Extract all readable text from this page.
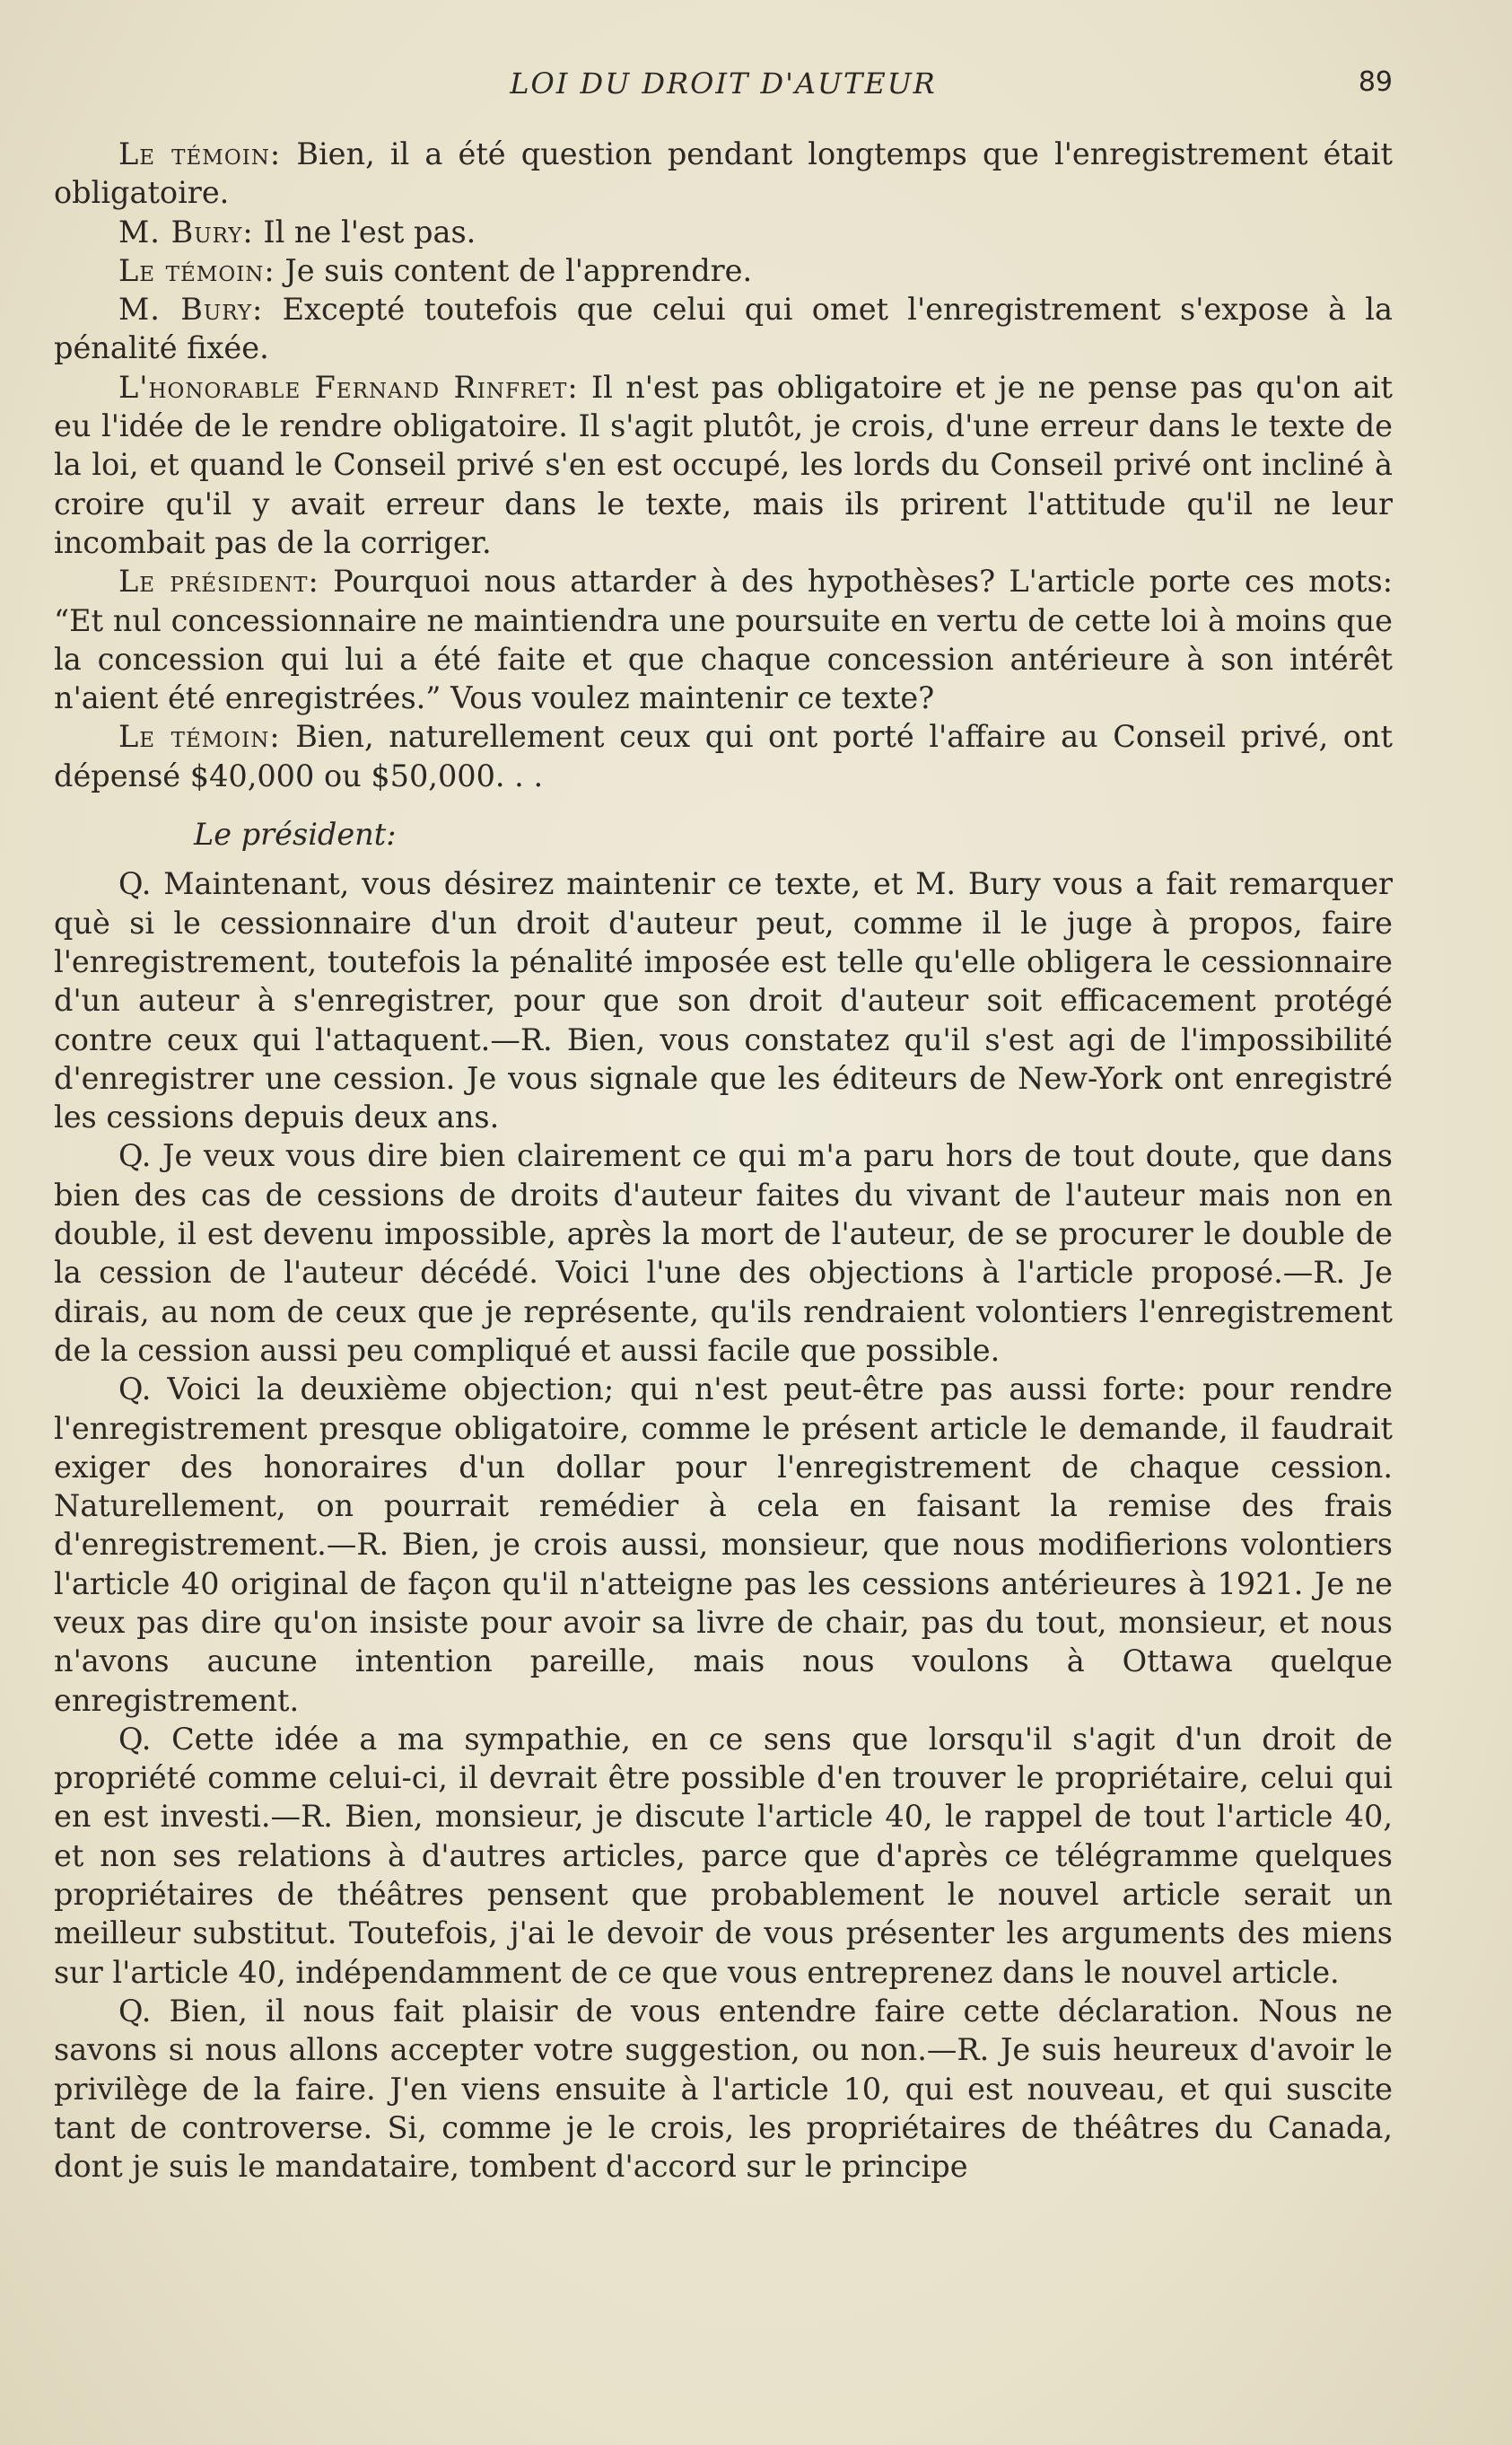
LOI DU DROIT D'AUTEUR	89

Le témoin: Bien, il a été question pendant longtemps que l'enregistrement était obligatoire.

M. Bury: Il ne l'est pas.

Le témoin: Je suis content de l'apprendre.

M. Bury: Excepté toutefois que celui qui omet l'enregistrement s'expose à la pénalité fixée.

L'honorable Fernand Rinfret: Il n'est pas obligatoire et je ne pense pas qu'on ait eu l'idée de le rendre obligatoire. Il s'agit plutôt, je crois, d'une erreur dans le texte de la loi, et quand le Conseil privé s'en est occupé, les lords du Conseil privé ont incliné à croire qu'il y avait erreur dans le texte, mais ils prirent l'attitude qu'il ne leur incombait pas de la corriger.

Le président: Pourquoi nous attarder à des hypothèses? L'article porte ces mots: “Et nul concessionnaire ne maintiendra une poursuite en vertu de cette loi à moins que la concession qui lui a été faite et que chaque concession antérieure à son intérêt n'aient été enregistrées.” Vous voulez maintenir ce texte?

Le témoin: Bien, naturellement ceux qui ont porté l'affaire au Conseil privé, ont dépensé $40,000 ou $50,000. . .

Le président:

Q. Maintenant, vous désirez maintenir ce texte, et M. Bury vous a fait remarquer què si le cessionnaire d'un droit d'auteur peut, comme il le juge à propos, faire l'enregistrement, toutefois la pénalité imposée est telle qu'elle obligera le cessionnaire d'un auteur à s'enregistrer, pour que son droit d'auteur soit efficacement protégé contre ceux qui l'attaquent.—R. Bien, vous constatez qu'il s'est agi de l'impossibilité d'enregistrer une cession. Je vous signale que les éditeurs de New-York ont enregistré les cessions depuis deux ans.

Q. Je veux vous dire bien clairement ce qui m'a paru hors de tout doute, que dans bien des cas de cessions de droits d'auteur faites du vivant de l'auteur mais non en double, il est devenu impossible, après la mort de l'auteur, de se procurer le double de la cession de l'auteur décédé. Voici l'une des objections à l'article proposé.—R. Je dirais, au nom de ceux que je représente, qu'ils rendraient volontiers l'enregistrement de la cession aussi peu compliqué et aussi facile que possible.

Q. Voici la deuxième objection; qui n'est peut-être pas aussi forte: pour rendre l'enregistrement presque obligatoire, comme le présent article le demande, il faudrait exiger des honoraires d'un dollar pour l'enregistrement de chaque cession. Naturellement, on pourrait remédier à cela en faisant la remise des frais d'enregistrement.—R. Bien, je crois aussi, monsieur, que nous modifierions volontiers l'article 40 original de façon qu'il n'atteigne pas les cessions antérieures à 1921. Je ne veux pas dire qu'on insiste pour avoir sa livre de chair, pas du tout, monsieur, et nous n'avons aucune intention pareille, mais nous voulons à Ottawa quelque enregistrement.

Q. Cette idée a ma sympathie, en ce sens que lorsqu'il s'agit d'un droit de propriété comme celui-ci, il devrait être possible d'en trouver le propriétaire, celui qui en est investi.—R. Bien, monsieur, je discute l'article 40, le rappel de tout l'article 40, et non ses relations à d'autres articles, parce que d'après ce télégramme quelques propriétaires de théâtres pensent que probablement le nouvel article serait un meilleur substitut. Toutefois, j'ai le devoir de vous présenter les arguments des miens sur l'article 40, indépendamment de ce que vous entreprenez dans le nouvel article.

Q. Bien, il nous fait plaisir de vous entendre faire cette déclaration. Nous ne savons si nous allons accepter votre suggestion, ou non.—R. Je suis heureux d'avoir le privilège de la faire. J'en viens ensuite à l'article 10, qui est nouveau, et qui suscite tant de controverse. Si, comme je le crois, les propriétaires de théâtres du Canada, dont je suis le mandataire, tombent d'accord sur le principe
